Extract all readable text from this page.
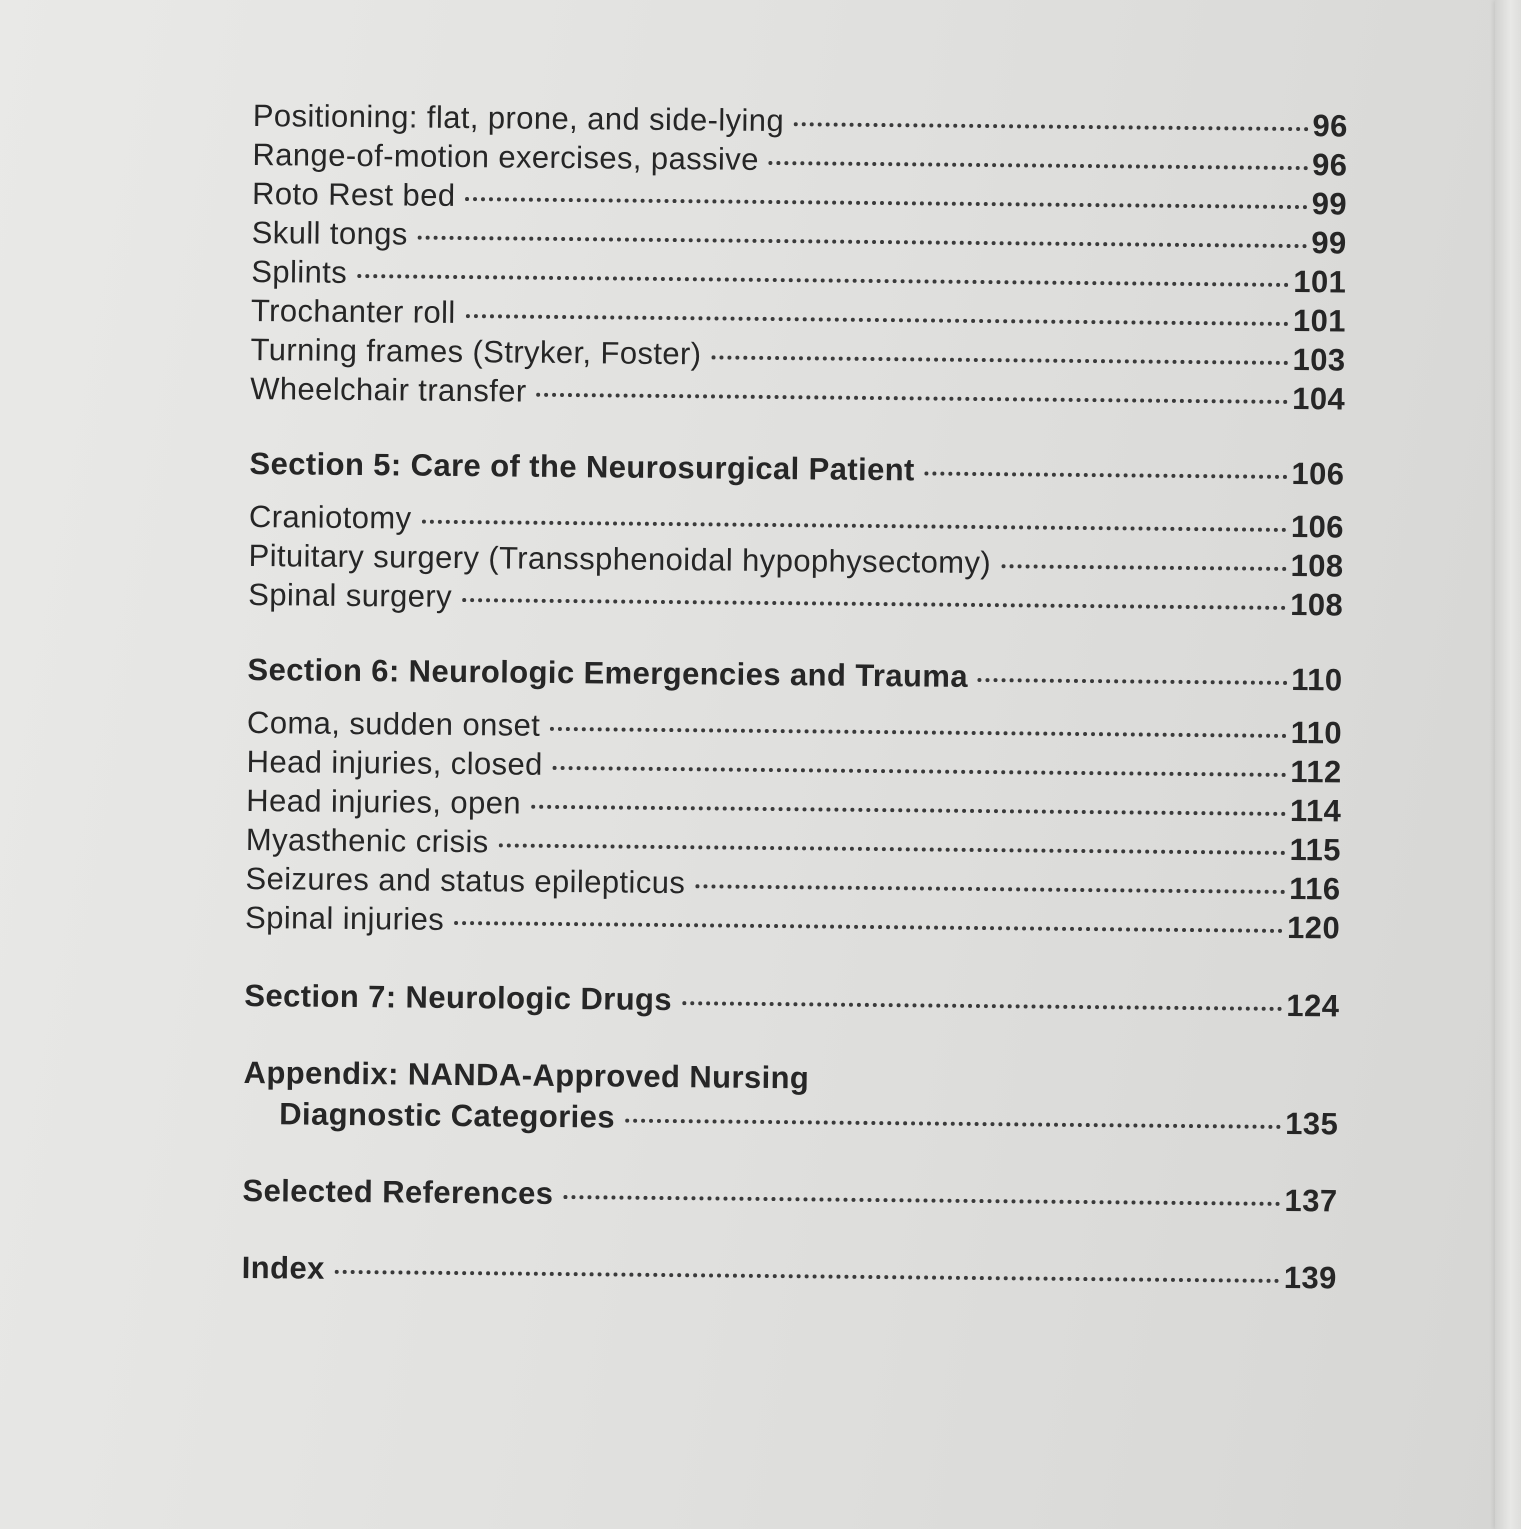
Positioning: flat, prone, and side-lying	96
Range-of-motion exercises, passive	96
Roto Rest bed	99
Skull tongs	99
Splints	101
Trochanter roll	101
Turning frames (Stryker, Foster)	103
Wheelchair transfer	104
Section 5: Care of the Neurosurgical Patient	106
Craniotomy	106
Pituitary surgery (Transsphenoidal hypophysectomy)	108
Spinal surgery	108
Section 6: Neurologic Emergencies and Trauma	110
Coma, sudden onset	110
Head injuries, closed	112
Head injuries, open	114
Myasthenic crisis	115
Seizures and status epilepticus	116
Spinal injuries	120
Section 7: Neurologic Drugs	124
Appendix: NANDA-Approved Nursing
Diagnostic Categories	135
Selected References	137
Index	139
